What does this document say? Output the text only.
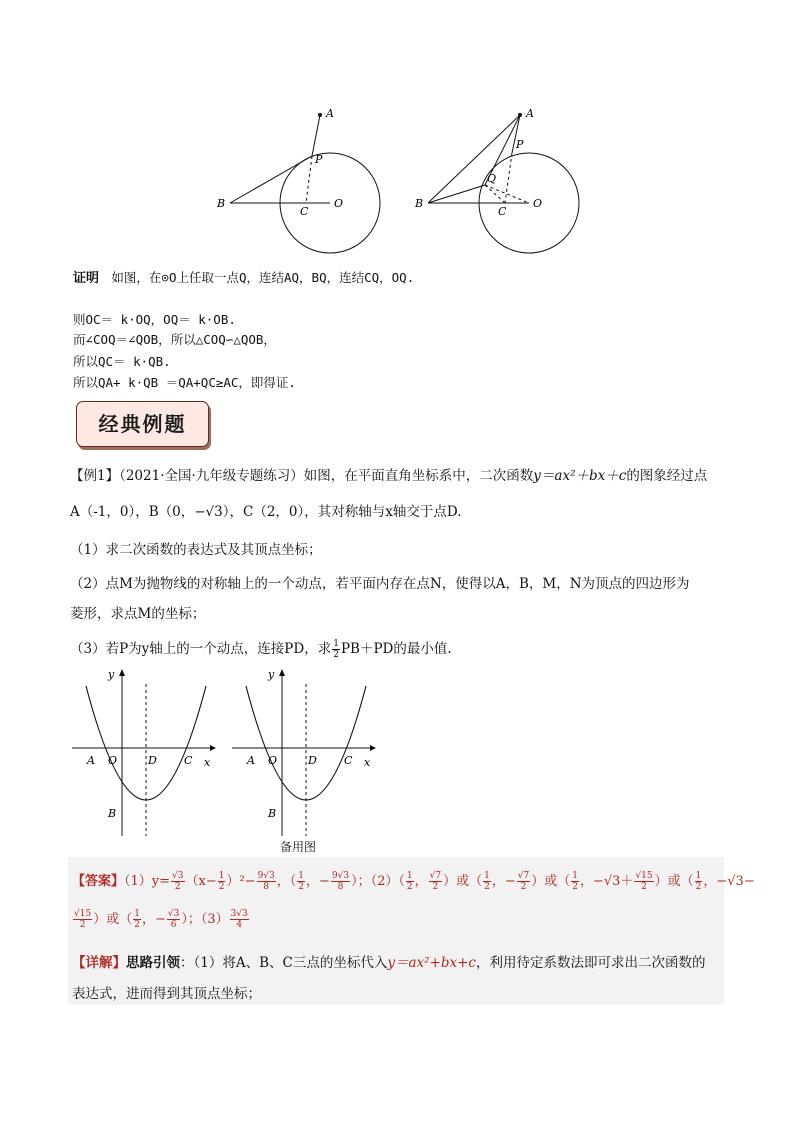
A
P
B
C
O
A
P
Q
B
C
O
证明 如图，在⊙O上任取一点Q，连结AQ，BQ，连结CQ，OQ.
则OC＝ k·OQ，OQ＝ k·OB.
而∠COQ＝∠QOB，所以△COQ∽△QOB，
所以QC＝ k·QB.
所以QA+ k·QB ＝QA+QC≥AC，即得证.
经典例题
【例1】（2021·全国·九年级专题练习）如图，在平面直角坐标系中，二次函数y＝ax²＋bx＋c的图象经过点
A（-1，0），B（0，−√3），C（2，0），其对称轴与x轴交于点D.
（1）求二次函数的表达式及其顶点坐标；
（2）点M为抛物线的对称轴上的一个动点，若平面内存在点N，使得以A，B，M，N为顶点的四边形为
菱形，求点M的坐标；
（3）若P为y轴上的一个动点，连接PD，求 $\frac{1}{2} PB+PD$的最小值.
y
x
A O	D C
B
y
x
A O	D C
B
备用图
【答案】$(1)y= \frac{√3}{2} (x- \frac{1}{2} )^2- \frac{9√3}{8}$ ，（ $\frac{1}{2}$ ，− $\frac{9√3}{8}$ ）；$(2)( \frac{1}{2}$ ， $\frac{√7}{2}$ ）或（ $\frac{1}{2}$ ，− $\frac{√7}{2}$ ）或（ $\frac{1}{2}$ ，$-√3+ \frac{√15}{2}$ ）或（ $\frac{1}{2}$ ，−√3−
$\frac{√15}{2}$ ）或（ $\frac{1}{2}$ ，− $\frac{√3}{6}$ ）；$(3) \frac{3√3}{4}$
【详解】思路引领：（1）将A、B、C三点的坐标代入y＝ax²+bx+c，利用待定系数法即可求出二次函数的
表达式，进而得到其顶点坐标；
